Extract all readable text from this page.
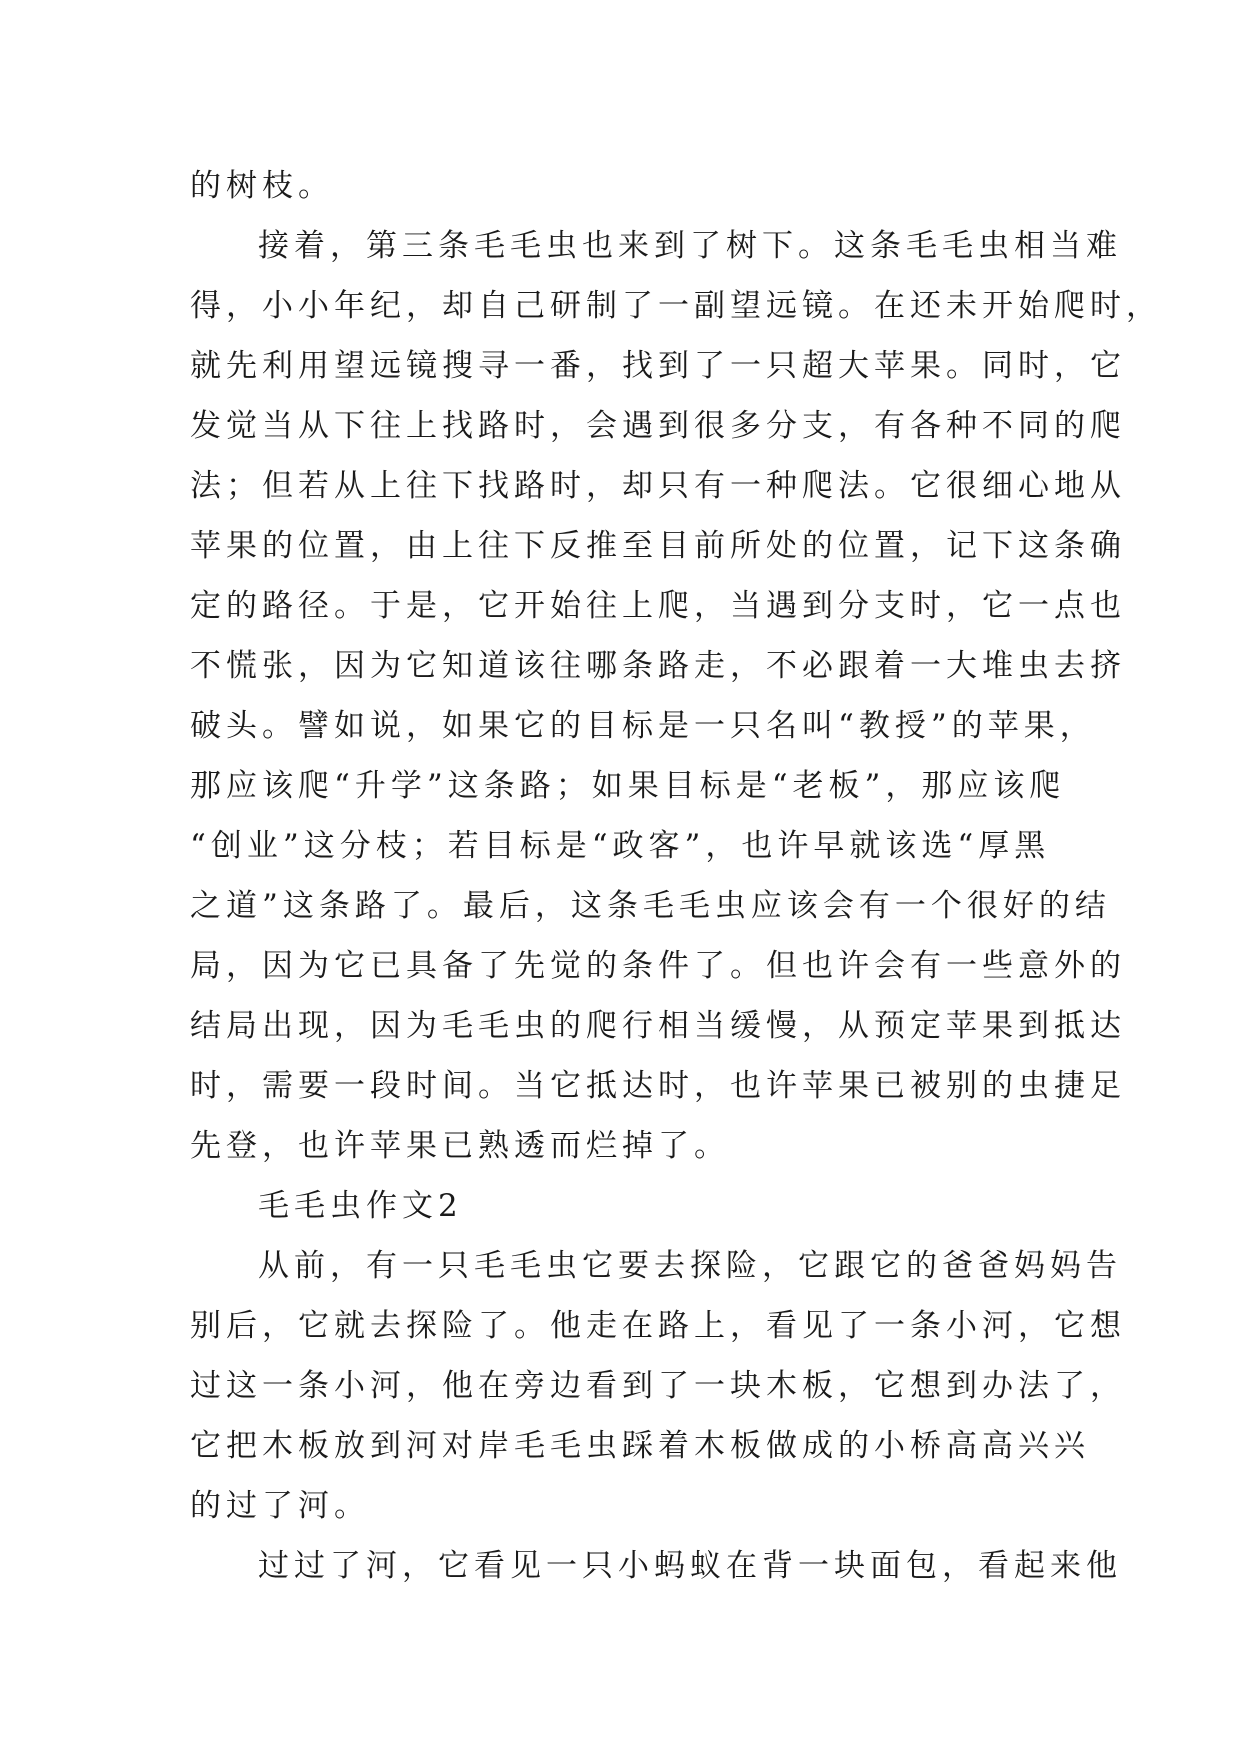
的树枝。
接着，第三条毛毛虫也来到了树下。这条毛毛虫相当难
得，小小年纪，却自己研制了一副望远镜。在还未开始爬时，
就先利用望远镜搜寻一番，找到了一只超大苹果。同时，它
发觉当从下往上找路时，会遇到很多分支，有各种不同的爬
法；但若从上往下找路时，却只有一种爬法。它很细心地从
苹果的位置，由上往下反推至目前所处的位置，记下这条确
定的路径。于是，它开始往上爬，当遇到分支时，它一点也
不慌张，因为它知道该往哪条路走，不必跟着一大堆虫去挤
破头。譬如说，如果它的目标是一只名叫“教授”的苹果，
那应该爬“升学”这条路；如果目标是“老板”，那应该爬
“创业”这分枝；若目标是“政客”，也许早就该选“厚黑
之道”这条路了。最后，这条毛毛虫应该会有一个很好的结
局，因为它已具备了先觉的条件了。但也许会有一些意外的
结局出现，因为毛毛虫的爬行相当缓慢，从预定苹果到抵达
时，需要一段时间。当它抵达时，也许苹果已被别的虫捷足
先登，也许苹果已熟透而烂掉了。
毛毛虫作文2
从前，有一只毛毛虫它要去探险，它跟它的爸爸妈妈告
别后，它就去探险了。他走在路上，看见了一条小河，它想
过这一条小河，他在旁边看到了一块木板，它想到办法了，
它把木板放到河对岸毛毛虫踩着木板做成的小桥高高兴兴
的过了河。
过过了河，它看见一只小蚂蚁在背一块面包，看起来他
